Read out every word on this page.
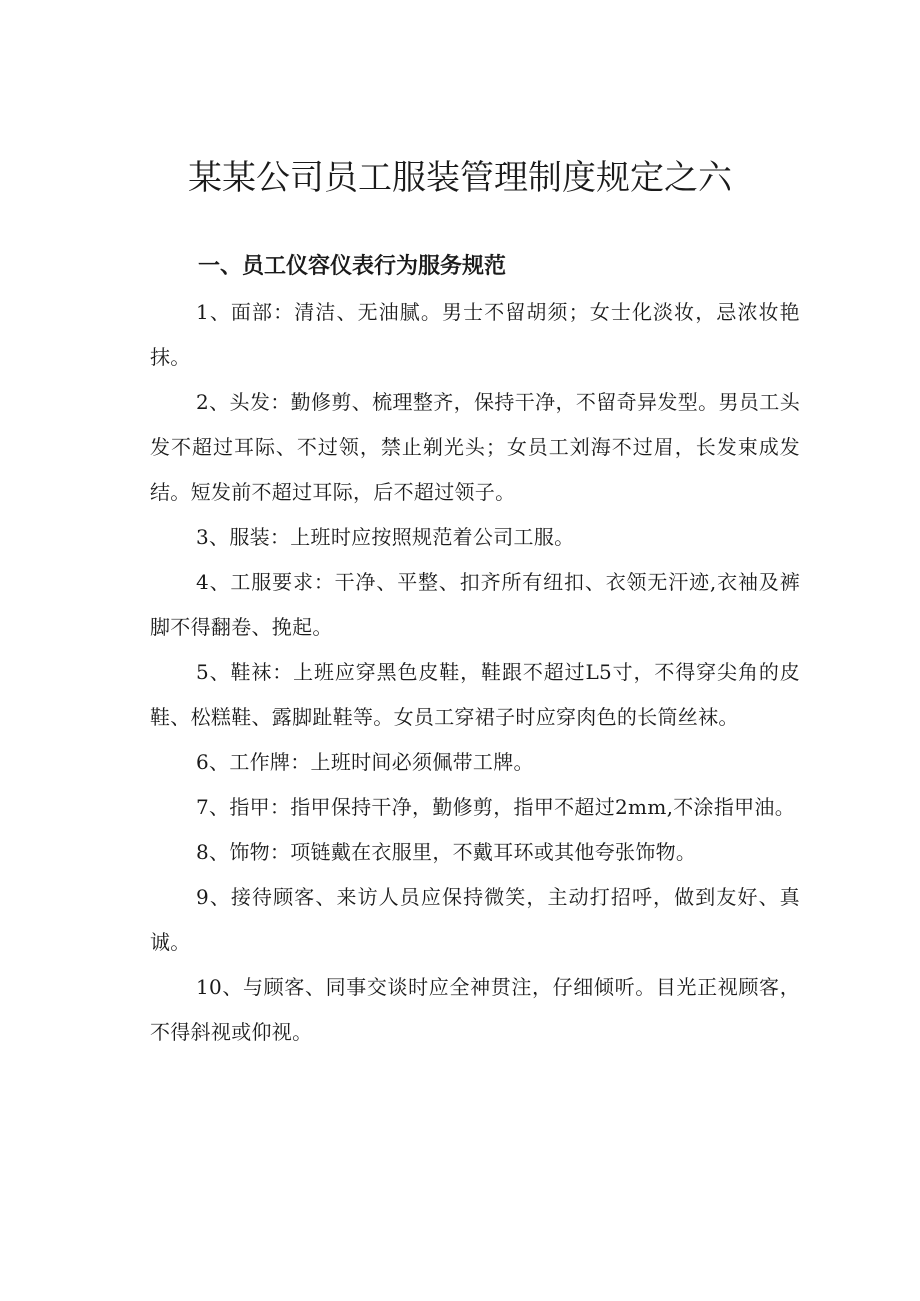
某某公司员工服装管理制度规定之六

一、员工仪容仪表行为服务规范

1、面部：清洁、无油腻。男士不留胡须；女士化淡妆，忌浓妆艳抹。

2、头发：勤修剪、梳理整齐，保持干净，不留奇异发型。男员工头发不超过耳际、不过领，禁止剃光头；女员工刘海不过眉，长发束成发结。短发前不超过耳际，后不超过领子。

3、服装：上班时应按照规范着公司工服。

4、工服要求：干净、平整、扣齐所有纽扣、衣领无汗迹,衣袖及裤脚不得翻卷、挽起。

5、鞋袜：上班应穿黑色皮鞋，鞋跟不超过L5寸，不得穿尖角的皮鞋、松糕鞋、露脚趾鞋等。女员工穿裙子时应穿肉色的长筒丝袜。

6、工作牌：上班时间必须佩带工牌。

7、指甲：指甲保持干净，勤修剪，指甲不超过2mm,不涂指甲油。

8、饰物：项链戴在衣服里，不戴耳环或其他夸张饰物。

9、接待顾客、来访人员应保持微笑，主动打招呼，做到友好、真诚。

10、与顾客、同事交谈时应全神贯注，仔细倾听。目光正视顾客，不得斜视或仰视。
